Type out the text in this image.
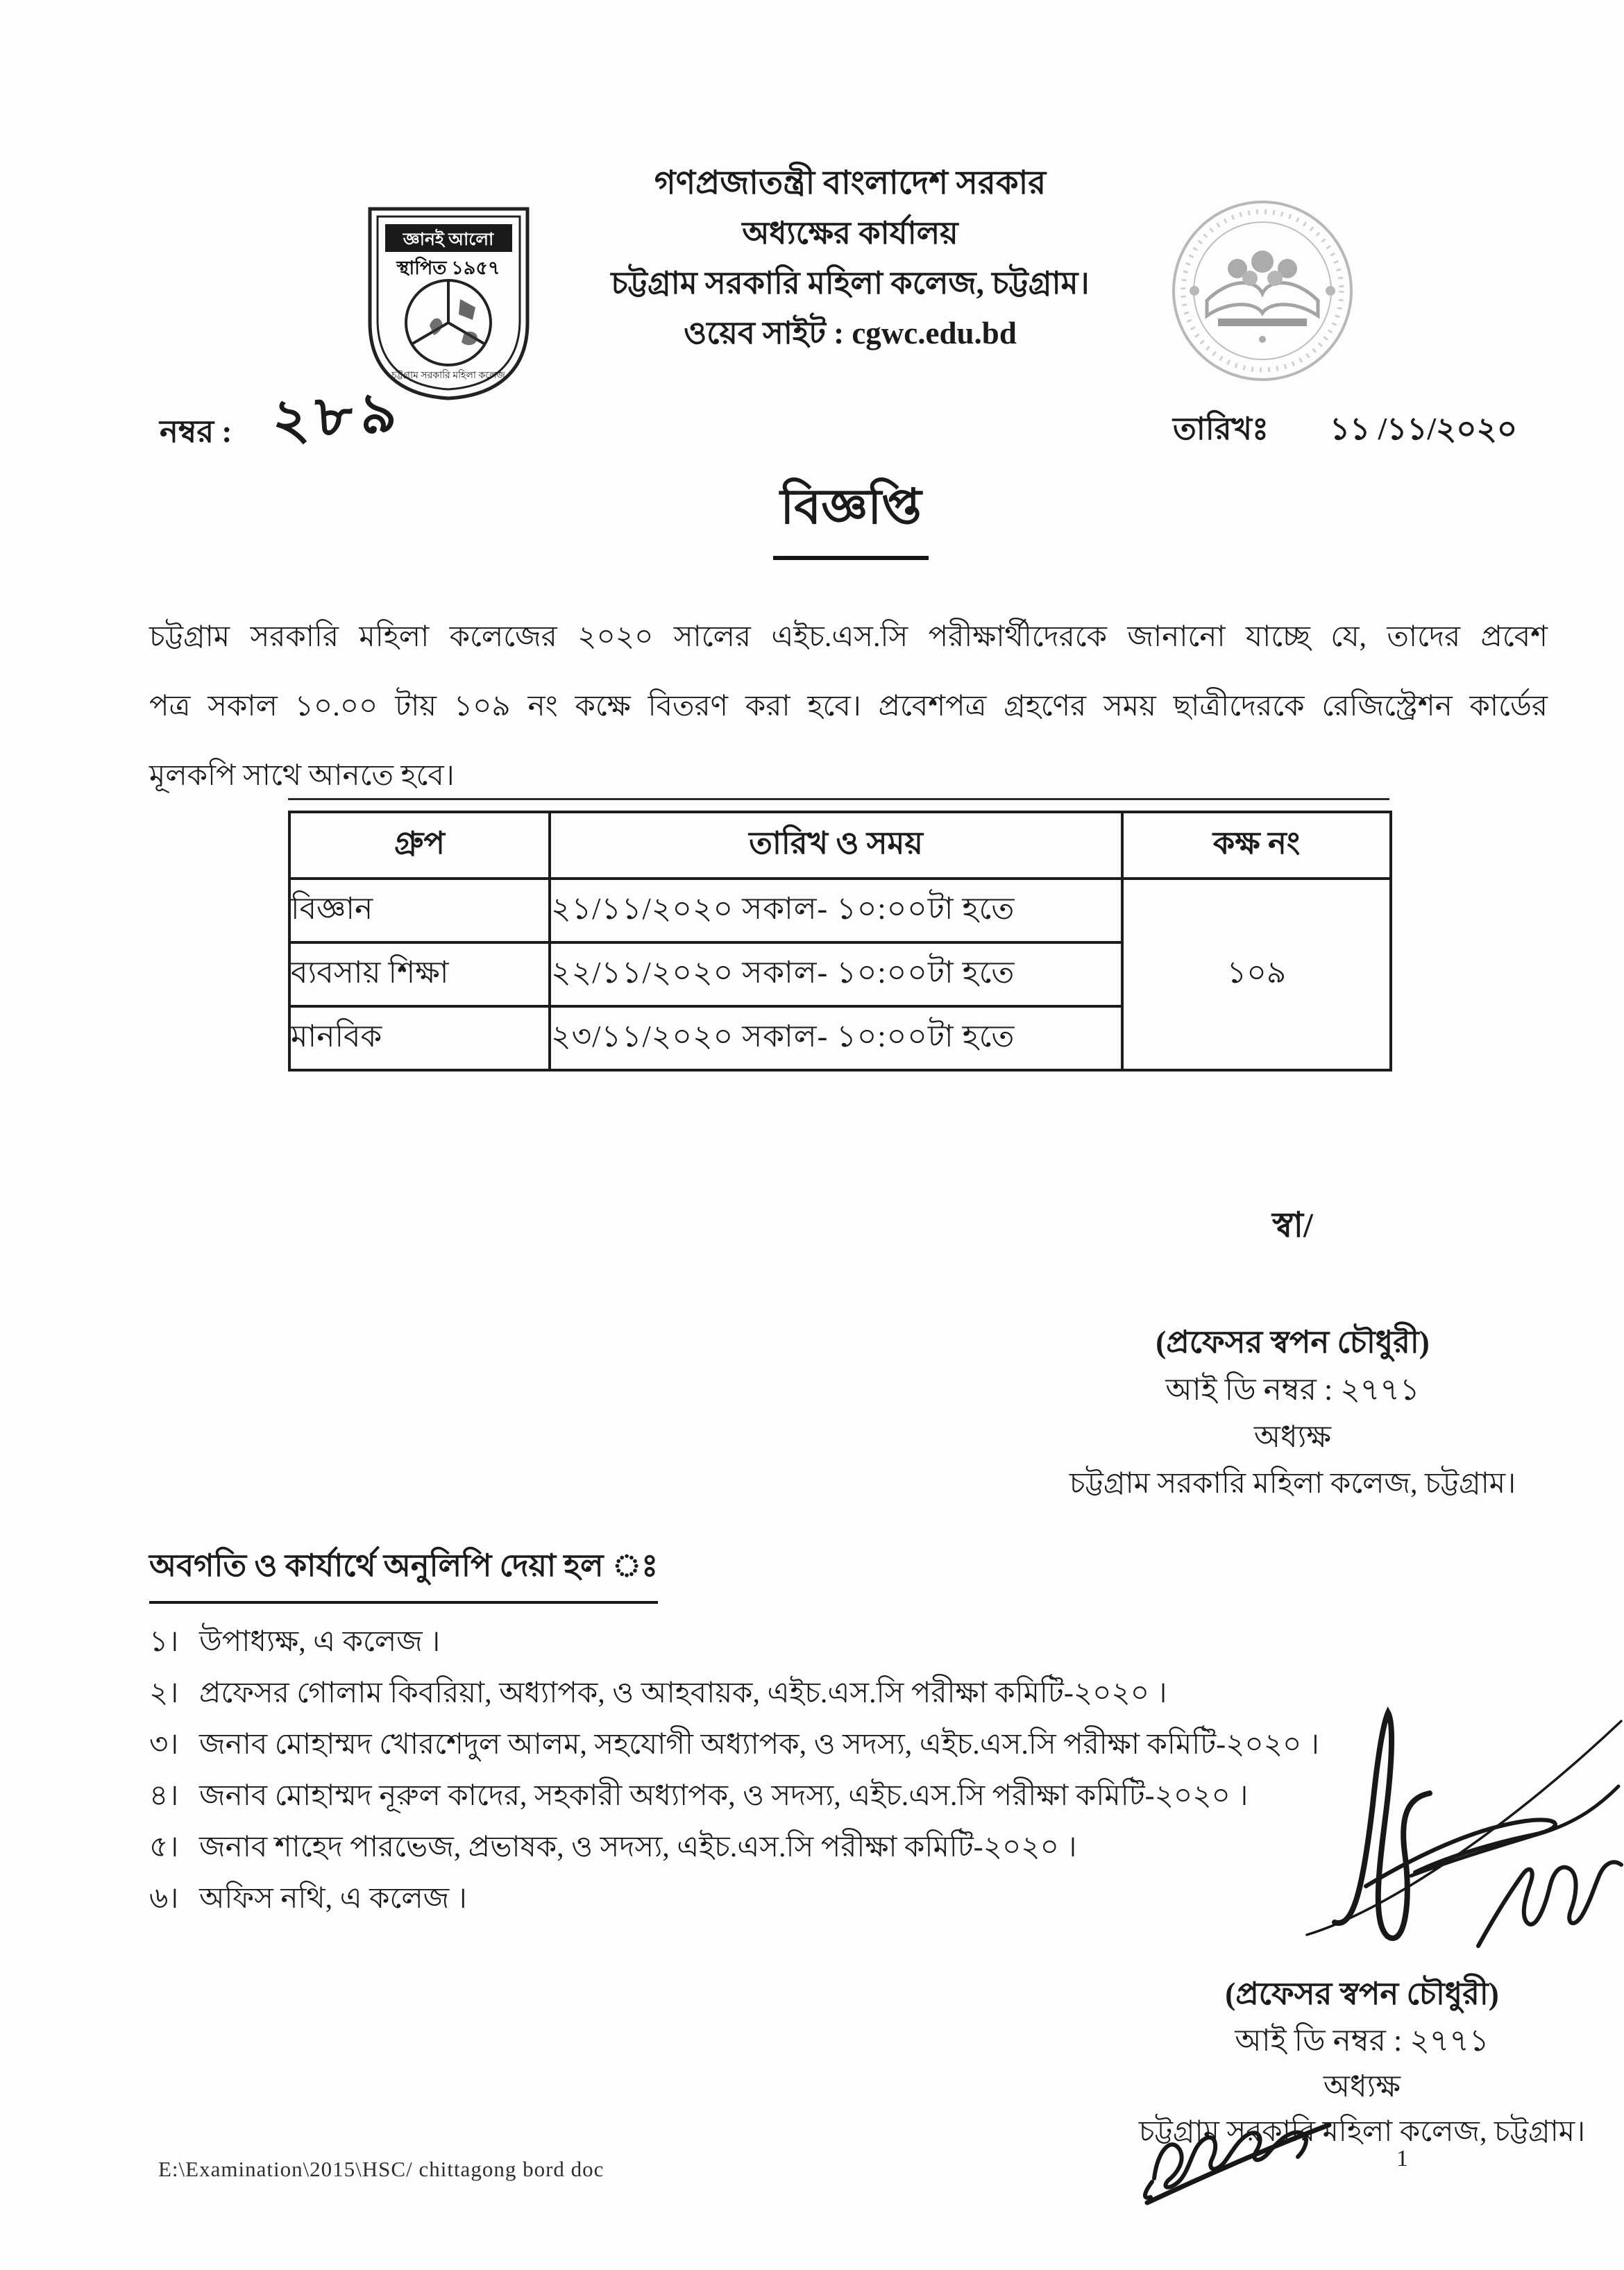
জ্ঞানই আলো
স্থাপিত ১৯৫৭
চট্টগ্রাম সরকারি মহিলা কলেজ
গণপ্রজাতন্ত্রী বাংলাদেশ সরকার
অধ্যক্ষের কার্যালয়
চট্টগ্রাম সরকারি মহিলা কলেজ, চট্টগ্রাম।
ওয়েব সাইট : cgwc.edu.bd
নম্বর : ২৮৯	তারিখঃ ১১ /১১/২০২০
বিজ্ঞপ্তি
চট্টগ্রাম সরকারি মহিলা কলেজের ২০২০ সালের এইচ.এস.সি পরীক্ষার্থীদেরকে জানানো যাচ্ছে যে, তাদের প্রবেশ
পত্র সকাল ১০.০০ টায় ১০৯ নং কক্ষে বিতরণ করা হবে। প্রবেশপত্র গ্রহণের সময় ছাত্রীদেরকে রেজিস্ট্রেশন কার্ডের
মূলকপি সাথে আনতে হবে।
গ্রুপ	তারিখ ও সময়	কক্ষ নং
বিজ্ঞান	২১/১১/২০২০ সকাল- ১০:০০টা হতে	১০৯
ব্যবসায় শিক্ষা	২২/১১/২০২০ সকাল- ১০:০০টা হতে	
মানবিক	২৩/১১/২০২০ সকাল- ১০:০০টা হতে	
স্বা/
(প্রফেসর স্বপন চৌধুরী)
আই ডি নম্বর : ২৭৭১
অধ্যক্ষ
চট্টগ্রাম সরকারি মহিলা কলেজ, চট্টগ্রাম।
অবগতি ও কার্যার্থে অনুলিপি দেয়া হল ঃ
১। উপাধ্যক্ষ, এ কলেজ ।
২। প্রফেসর গোলাম কিবরিয়া, অধ্যাপক, ও আহবায়ক, এইচ.এস.সি পরীক্ষা কমিটি-২০২০ ।
৩। জনাব মোহাম্মদ খোরশেদুল আলম, সহযোগী অধ্যাপক, ও সদস্য, এইচ.এস.সি পরীক্ষা কমিটি-২০২০ ।
৪। জনাব মোহাম্মদ নূরুল কাদের, সহকারী অধ্যাপক, ও সদস্য, এইচ.এস.সি পরীক্ষা কমিটি-২০২০ ।
৫। জনাব শাহেদ পারভেজ, প্রভাষক, ও সদস্য, এইচ.এস.সি পরীক্ষা কমিটি-২০২০ ।
৬। অফিস নথি, এ কলেজ ।
(প্রফেসর স্বপন চৌধুরী)
আই ডি নম্বর : ২৭৭১
অধ্যক্ষ
চট্টগ্রাম সরকারি মহিলা কলেজ, চট্টগ্রাম।
E:\Examination\2015\HSC/ chittagong bord doc	1
